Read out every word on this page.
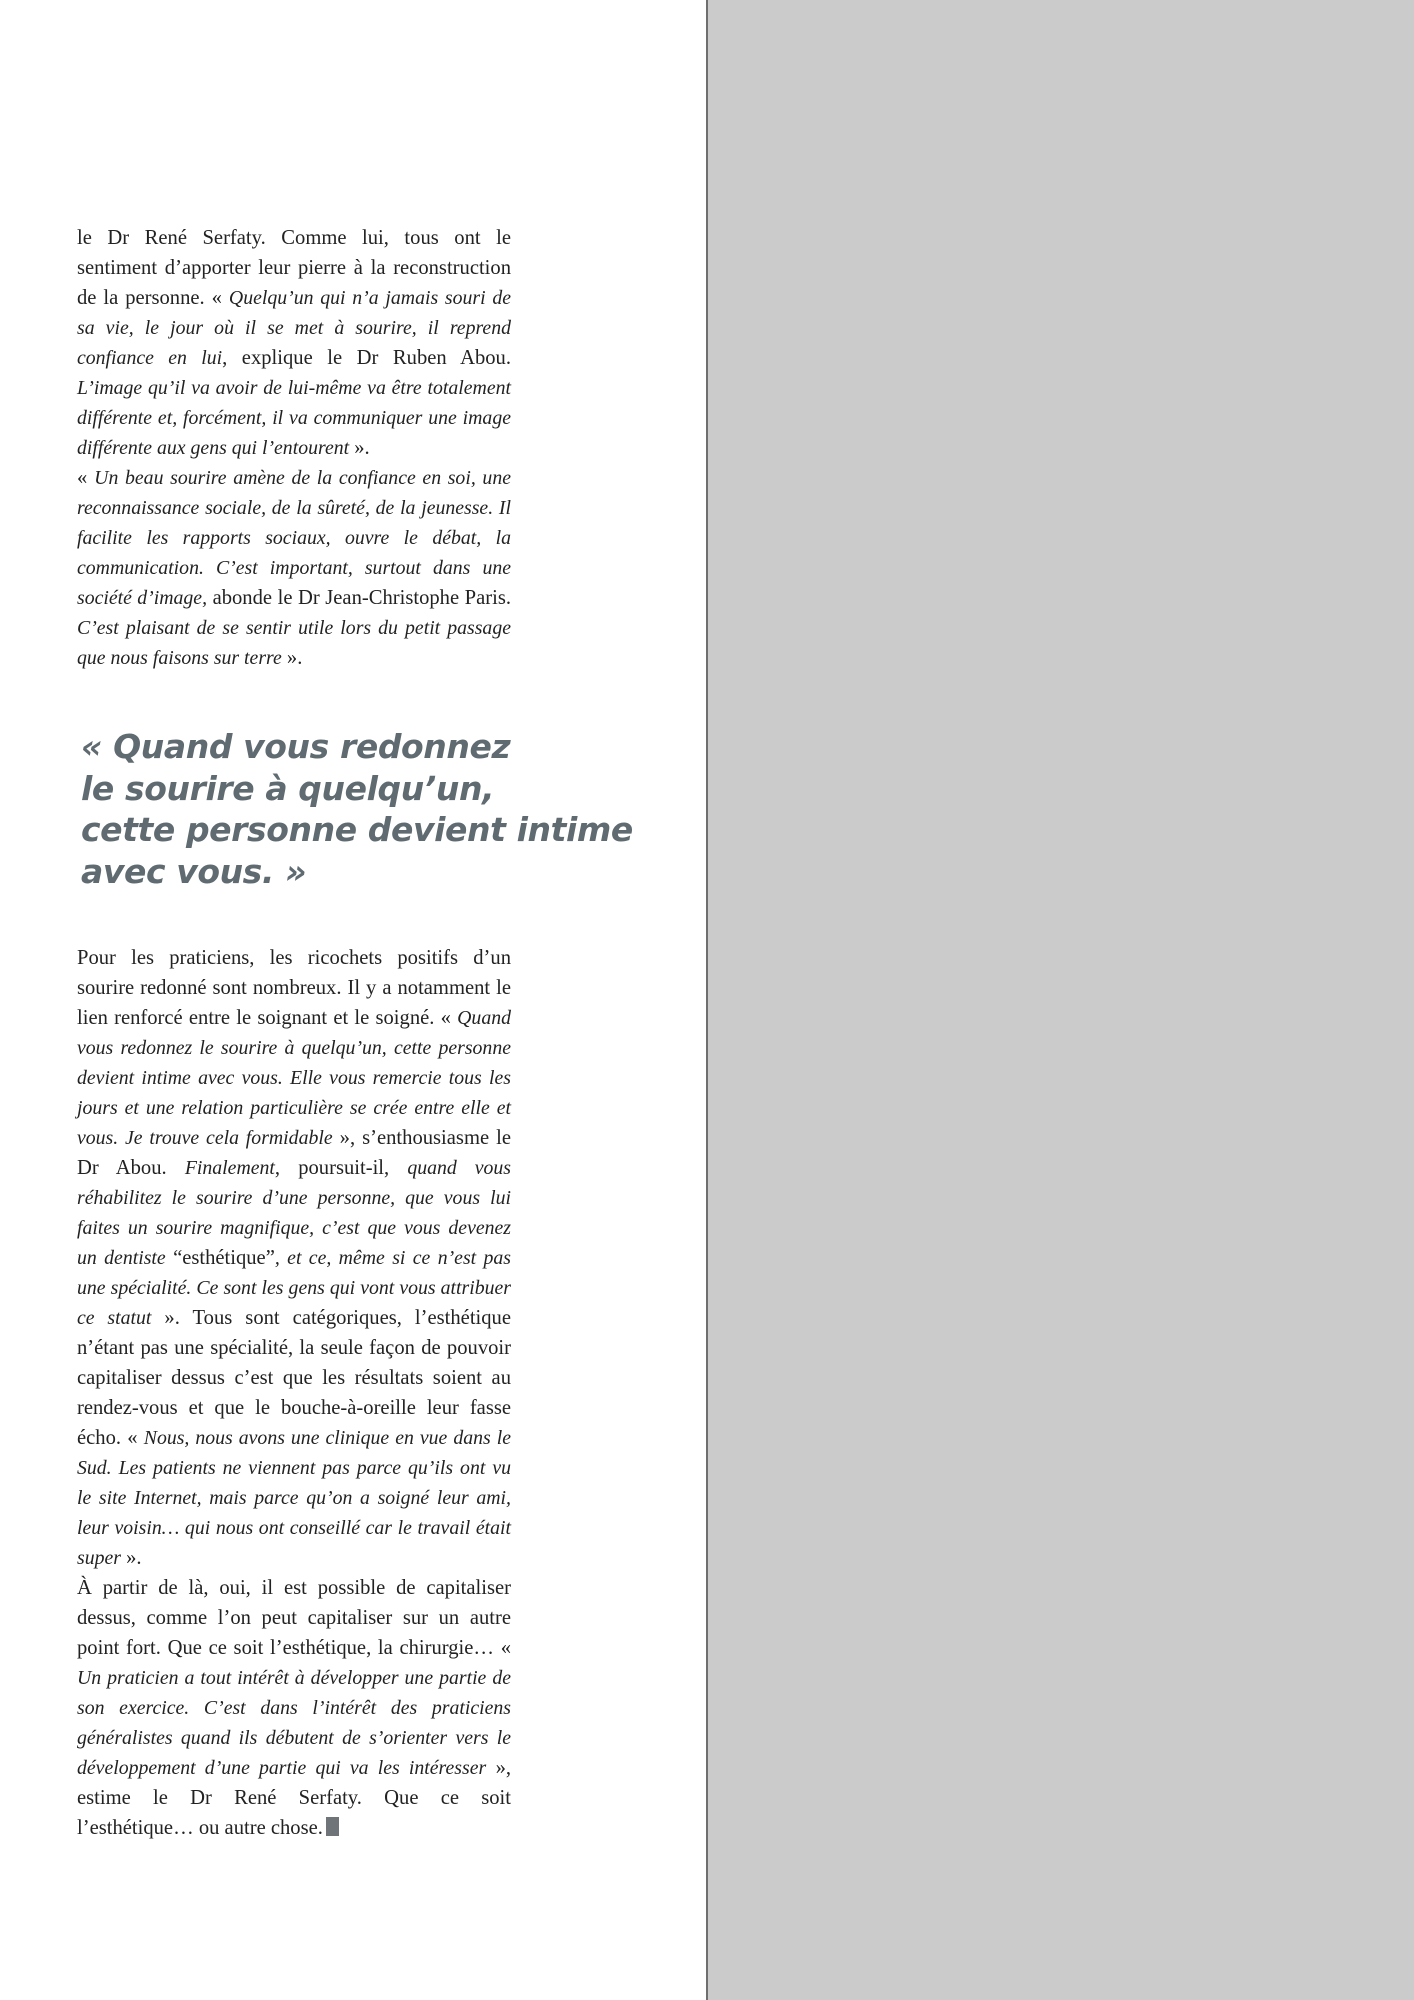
le Dr René Serfaty. Comme lui, tous ont le sentiment d’apporter leur pierre à la reconstruction de la personne. « Quelqu’un qui n’a jamais souri de sa vie, le jour où il se met à sourire, il reprend confiance en lui, explique le Dr Ruben Abou. L’image qu’il va avoir de lui-même va être totalement différente et, forcément, il va communiquer une image différente aux gens qui l’entourent ».
« Un beau sourire amène de la confiance en soi, une reconnaissance sociale, de la sûreté, de la jeunesse. Il facilite les rapports sociaux, ouvre le débat, la communication. C’est important, surtout dans une société d’image, abonde le Dr Jean-Christophe Paris. C’est plaisant de se sentir utile lors du petit passage que nous faisons sur terre ».

« Quand vous redonnez
le sourire à quelqu’un,
cette personne devient intime
avec vous. »

Pour les praticiens, les ricochets positifs d’un sourire redonné sont nombreux. Il y a notamment le lien renforcé entre le soignant et le soigné. « Quand vous redonnez le sourire à quelqu’un, cette personne devient intime avec vous. Elle vous remercie tous les jours et une relation particulière se crée entre elle et vous. Je trouve cela formidable », s’enthousiasme le Dr Abou. Finalement, poursuit-il, quand vous réhabilitez le sourire d’une personne, que vous lui faites un sourire magnifique, c’est que vous devenez un dentiste “esthétique”, et ce, même si ce n’est pas une spécialité. Ce sont les gens qui vont vous attribuer ce statut ». Tous sont catégoriques, l’esthétique n’étant pas une spécialité, la seule façon de pouvoir capitaliser dessus c’est que les résultats soient au rendez-vous et que le bouche-à-oreille leur fasse écho. « Nous, nous avons une clinique en vue dans le Sud. Les patients ne viennent pas parce qu’ils ont vu le site Internet, mais parce qu’on a soigné leur ami, leur voisin… qui nous ont conseillé car le travail était super ».
À partir de là, oui, il est possible de capitaliser dessus, comme l’on peut capitaliser sur un autre point fort. Que ce soit l’esthétique, la chirurgie… « Un praticien a tout intérêt à développer une partie de son exercice. C’est dans l’intérêt des praticiens généralistes quand ils débutent de s’orienter vers le développement d’une partie qui va les intéresser », estime le Dr René Serfaty. Que ce soit l’esthétique… ou autre chose.
